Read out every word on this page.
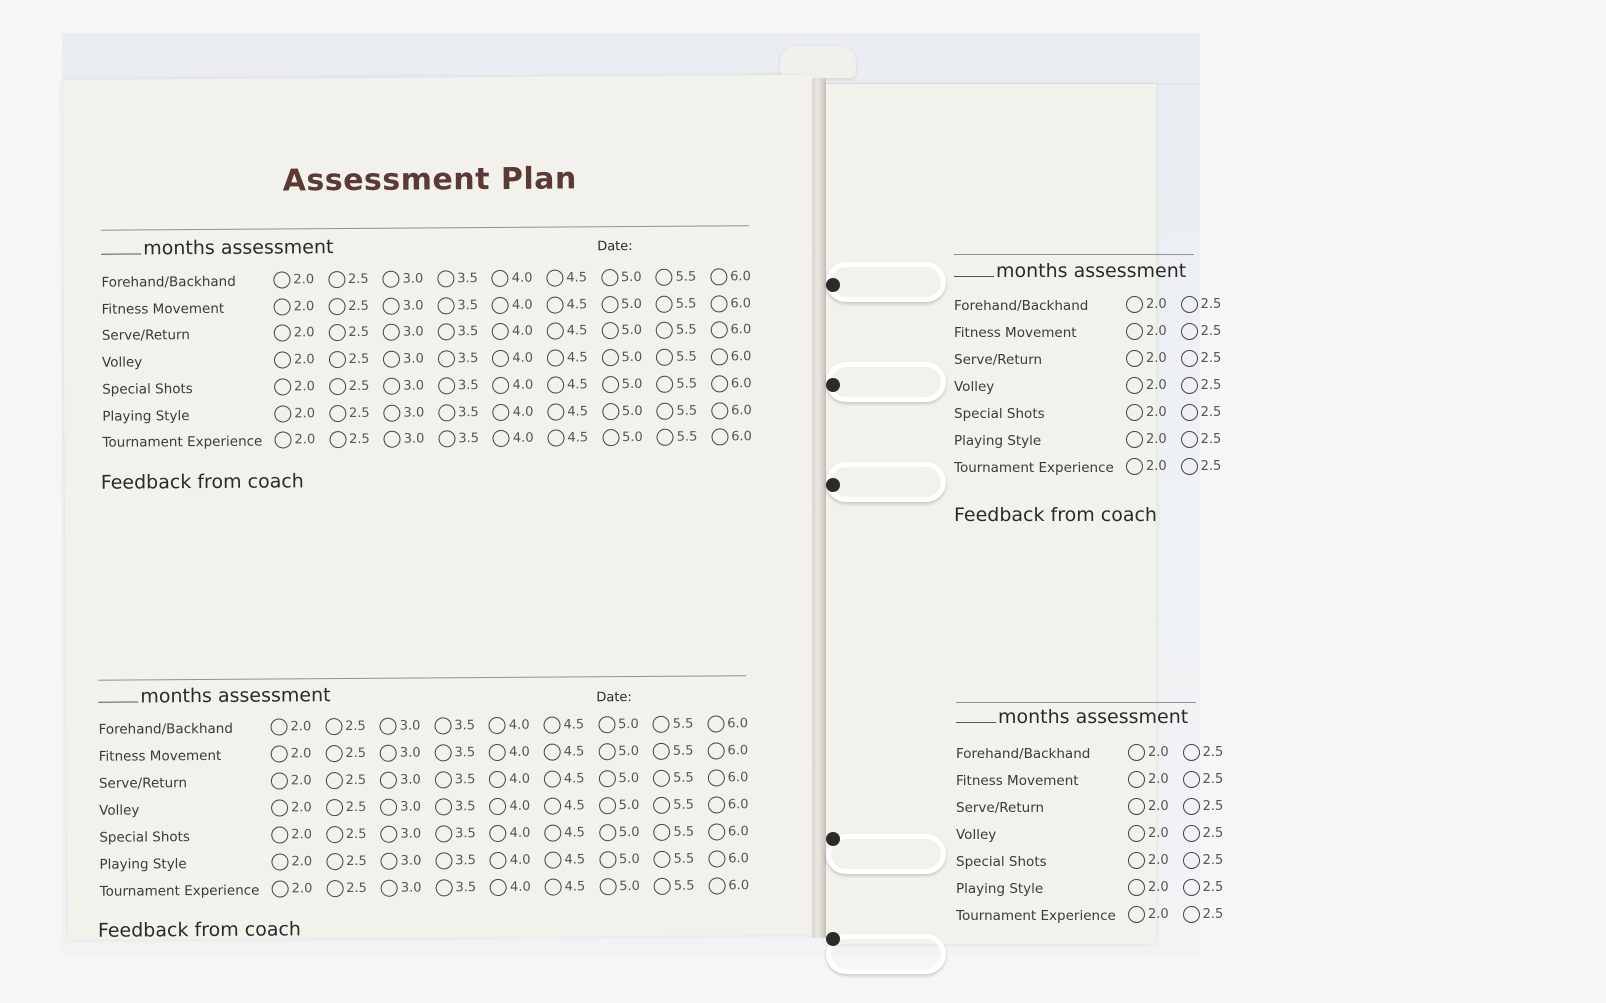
Assessment Plan
months assessment	Date:
Forehand/Backhand	2.0	2.5	3.0	3.5	4.0	4.5	5.0	5.5	6.0
Fitness Movement	2.0	2.5	3.0	3.5	4.0	4.5	5.0	5.5	6.0
Serve/Return	2.0	2.5	3.0	3.5	4.0	4.5	5.0	5.5	6.0
Volley	2.0	2.5	3.0	3.5	4.0	4.5	5.0	5.5	6.0
Special Shots	2.0	2.5	3.0	3.5	4.0	4.5	5.0	5.5	6.0
Playing Style	2.0	2.5	3.0	3.5	4.0	4.5	5.0	5.5	6.0
Tournament Experience 2.0	2.5	3.0	3.5	4.0	4.5	5.0	5.5	6.0
Feedback from coach
months assessment	Date:
Forehand/Backhand	2.0	2.5	3.0	3.5	4.0	4.5	5.0	5.5	6.0
Fitness Movement	2.0	2.5	3.0	3.5	4.0	4.5	5.0	5.5	6.0
Serve/Return	2.0	2.5	3.0	3.5	4.0	4.5	5.0	5.5	6.0
Volley	2.0	2.5	3.0	3.5	4.0	4.5	5.0	5.5	6.0
Special Shots	2.0	2.5	3.0	3.5	4.0	4.5	5.0	5.5	6.0
Playing Style	2.0	2.5	3.0	3.5	4.0	4.5	5.0	5.5	6.0
Tournament Experience 2.0	2.5	3.0	3.5	4.0	4.5	5.0	5.5	6.0
Feedback from coach
months assessment
Forehand/Backhand	2.0	2.5
Fitness Movement	2.0	2.5
Serve/Return	2.0	2.5
Volley	2.0	2.5
Special Shots	2.0	2.5
Playing Style	2.0	2.5
Tournament Experience 2.0	2.5
Feedback from coach
months assessment
Forehand/Backhand	2.0	2.5
Fitness Movement	2.0	2.5
Serve/Return	2.0	2.5
Volley	2.0	2.5
Special Shots	2.0	2.5
Playing Style	2.0	2.5
Tournament Experience 2.0	2.5
